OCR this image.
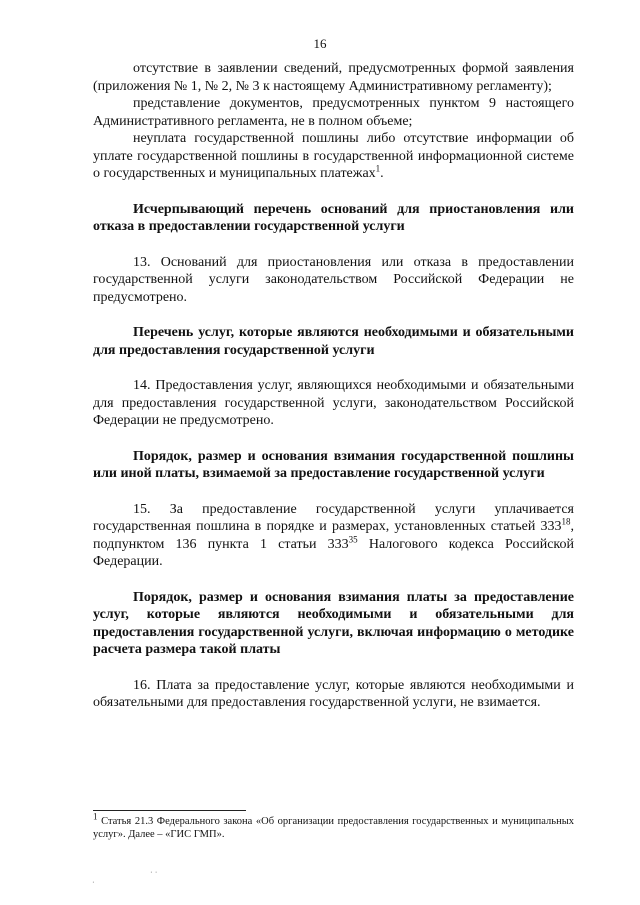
16

отсутствие в заявлении сведений, предусмотренных формой заявления (приложения № 1, № 2, № 3 к настоящему Административному регламенту);

представление документов, предусмотренных пунктом 9 настоящего Административного регламента, не в полном объеме;

неуплата государственной пошлины либо отсутствие информации об уплате государственной пошлины в государственной информационной системе о государственных и муниципальных платежах$^1$.

Исчерпывающий перечень оснований для приостановления или отказа в предоставлении государственной услуги

13. Оснований для приостановления или отказа в предоставлении государственной услуги законодательством Российской Федерации не предусмотрено.

Перечень услуг, которые являются необходимыми и обязательными для предоставления государственной услуги

14. Предоставления услуг, являющихся необходимыми и обязательными для предоставления государственной услуги, законодательством Российской Федерации не предусмотрено.

Порядок, размер и основания взимания государственной пошлины или иной платы, взимаемой за предоставление государственной услуги

15. За предоставление государственной услуги уплачивается государственная пошлина в порядке и размерах, установленных статьей $333^{18}$, подпунктом 136 пункта 1 статьи $333^{35}$ Налогового кодекса Российской Федерации.

Порядок, размер и основания взимания платы за предоставление услуг, которые являются необходимыми и обязательными для предоставления государственной услуги, включая информацию о методике расчета размера такой платы

16. Плата за предоставление услуг, которые являются необходимыми и обязательными для предоставления государственной услуги, не взимается.

$^1$ Статья 21.3 Федерального закона «Об организации предоставления государственных и муниципальных услуг». Далее – «ГИС ГМП».
⋅ ⋅
⋅
